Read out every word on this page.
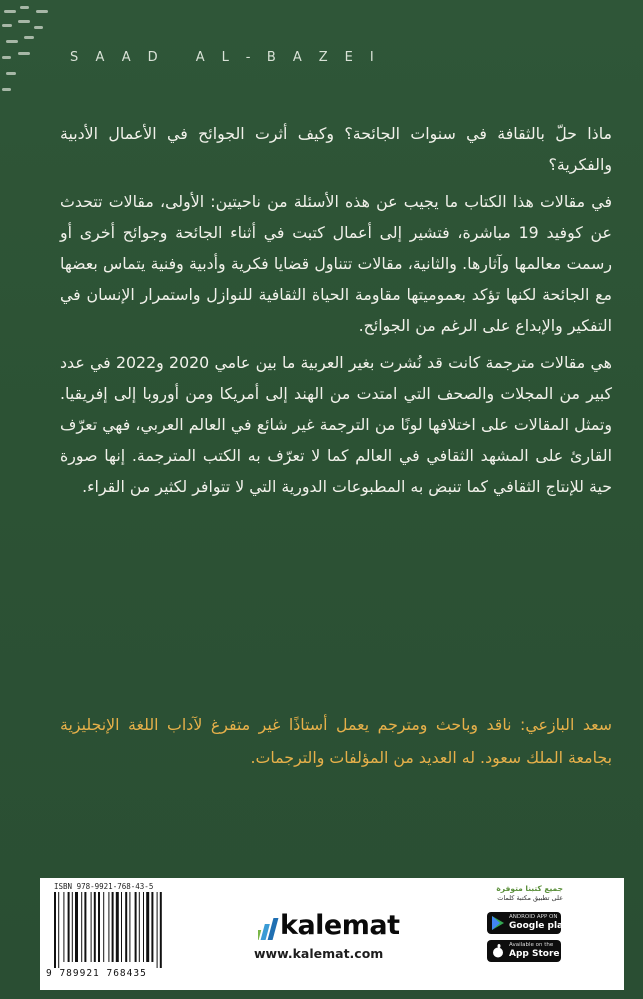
SAAD AL-BAZEI

ماذا حلّ بالثقافة في سنوات الجائحة؟ وكيف أثرت الجوائح في الأعمال الأدبية والفكرية؟

في مقالات هذا الكتاب ما يجيب عن هذه الأسئلة من ناحيتين: الأولى، مقالات تتحدث عن كوفيد 19 مباشرة، فتشير إلى أعمال كتبت في أثناء الجائحة وجوائح أخرى أو رسمت معالمها وآثارها. والثانية، مقالات تتناول قضايا فكرية وأدبية وفنية يتماس بعضها مع الجائحة لكنها تؤكد بعموميتها مقاومة الحياة الثقافية للنوازل واستمرار الإنسان في التفكير والإبداع على الرغم من الجوائح.

هي مقالات مترجمة كانت قد نُشرت بغير العربية ما بين عامي 2020 و2022 في عدد كبير من المجلات والصحف التي امتدت من الهند إلى أمريكا ومن أوروبا إلى إفريقيا. وتمثل المقالات على اختلافها لونًا من الترجمة غير شائع في العالم العربي، فهي تعرّف القارئ على المشهد الثقافي في العالم كما لا تعرّف به الكتب المترجمة. إنها صورة حية للإنتاج الثقافي كما تنبض به المطبوعات الدورية التي لا تتوافر لكثير من القراء.

سعد البازعي: ناقد وباحث ومترجم يعمل أستاذًا غير متفرغ لآداب اللغة الإنجليزية بجامعة الملك سعود. له العديد من المؤلفات والترجمات.
ISBN 978-9921-768-43-5
9 789921 768435
kalemat
www.kalemat.com
جميع كتبنا متوفرة
على تطبيق مكتبة كلمات
ANDROID APP ON
Google play
Available on the
App Store
